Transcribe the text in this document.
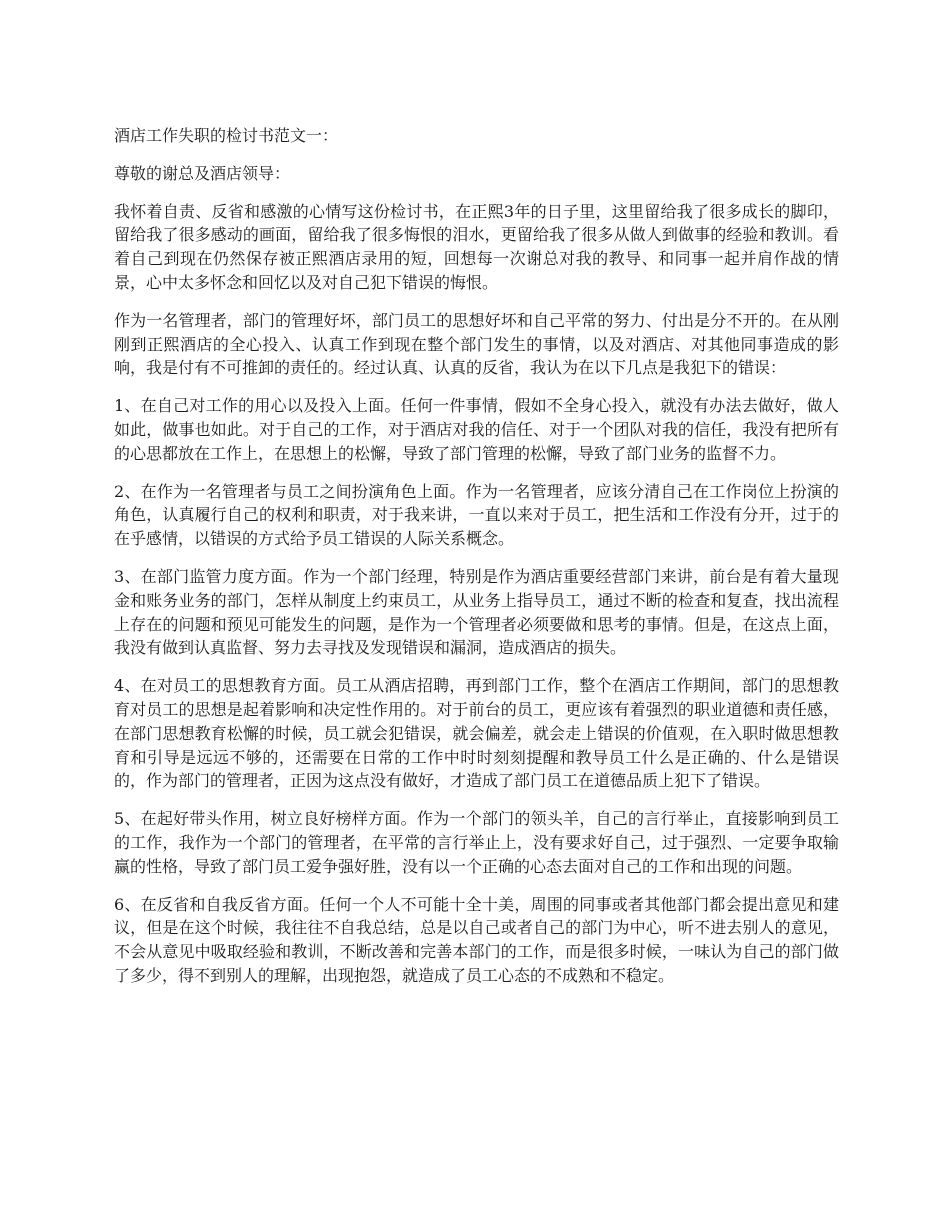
酒店工作失职的检讨书范文一：

尊敬的谢总及酒店领导：

我怀着自责、反省和感激的心情写这份检讨书，在正熙3年的日子里，这里留给我了很多成长的脚印，留给我了很多感动的画面，留给我了很多悔恨的泪水，更留给我了很多从做人到做事的经验和教训。看着自己到现在仍然保存被正熙酒店录用的短，回想每一次谢总对我的教导、和同事一起并肩作战的情景，心中太多怀念和回忆以及对自己犯下错误的悔恨。

作为一名管理者，部门的管理好坏，部门员工的思想好坏和自己平常的努力、付出是分不开的。在从刚刚到正熙酒店的全心投入、认真工作到现在整个部门发生的事情，以及对酒店、对其他同事造成的影响，我是付有不可推卸的责任的。经过认真、认真的反省，我认为在以下几点是我犯下的错误：

1、在自己对工作的用心以及投入上面。任何一件事情，假如不全身心投入，就没有办法去做好，做人如此，做事也如此。对于自己的工作，对于酒店对我的信任、对于一个团队对我的信任，我没有把所有的心思都放在工作上，在思想上的松懈，导致了部门管理的松懈，导致了部门业务的监督不力。

2、在作为一名管理者与员工之间扮演角色上面。作为一名管理者，应该分清自己在工作岗位上扮演的角色，认真履行自己的权利和职责，对于我来讲，一直以来对于员工，把生活和工作没有分开，过于的在乎感情，以错误的方式给予员工错误的人际关系概念。

3、在部门监管力度方面。作为一个部门经理，特别是作为酒店重要经营部门来讲，前台是有着大量现金和账务业务的部门，怎样从制度上约束员工，从业务上指导员工，通过不断的检查和复查，找出流程上存在的问题和预见可能发生的问题，是作为一个管理者必须要做和思考的事情。但是，在这点上面，我没有做到认真监督、努力去寻找及发现错误和漏洞，造成酒店的损失。

4、在对员工的思想教育方面。员工从酒店招聘，再到部门工作，整个在酒店工作期间，部门的思想教育对员工的思想是起着影响和决定性作用的。对于前台的员工，更应该有着强烈的职业道德和责任感，在部门思想教育松懈的时候，员工就会犯错误，就会偏差，就会走上错误的价值观，在入职时做思想教育和引导是远远不够的，还需要在日常的工作中时时刻刻提醒和教导员工什么是正确的、什么是错误的，作为部门的管理者，正因为这点没有做好，才造成了部门员工在道德品质上犯下了错误。

5、在起好带头作用，树立良好榜样方面。作为一个部门的领头羊，自己的言行举止，直接影响到员工的工作，我作为一个部门的管理者，在平常的言行举止上，没有要求好自己，过于强烈、一定要争取输赢的性格，导致了部门员工爱争强好胜，没有以一个正确的心态去面对自己的工作和出现的问题。

6、在反省和自我反省方面。任何一个人不可能十全十美，周围的同事或者其他部门都会提出意见和建议，但是在这个时候，我往往不自我总结，总是以自己或者自己的部门为中心，听不进去别人的意见，不会从意见中吸取经验和教训，不断改善和完善本部门的工作，而是很多时候，一味认为自己的部门做了多少，得不到别人的理解，出现抱怨，就造成了员工心态的不成熟和不稳定。
